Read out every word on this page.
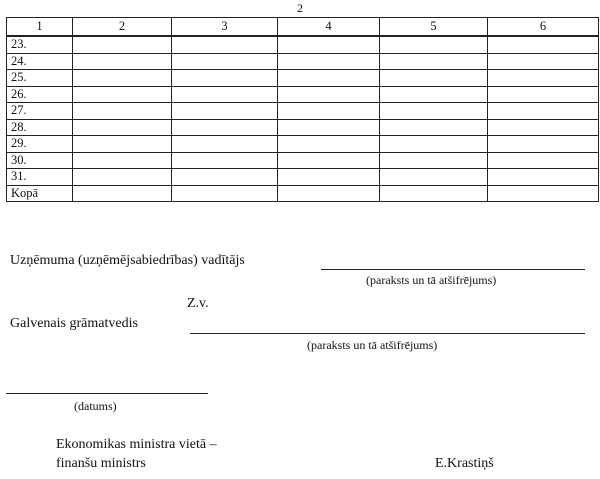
2
1	2	3	4	5	6
23.					
24.					
25.					
26.					
27.					
28.					
29.					
30.					
31.					
Kopā					
Uzņēmuma (uzņēmējsabiedrības) vadītājs
(paraksts un tā atšifrējums)
Z.v.
Galvenais grāmatvedis
(paraksts un tā atšifrējums)
(datums)
Ekonomikas ministra vietā –
finanšu ministrs	E.Krastiņš
